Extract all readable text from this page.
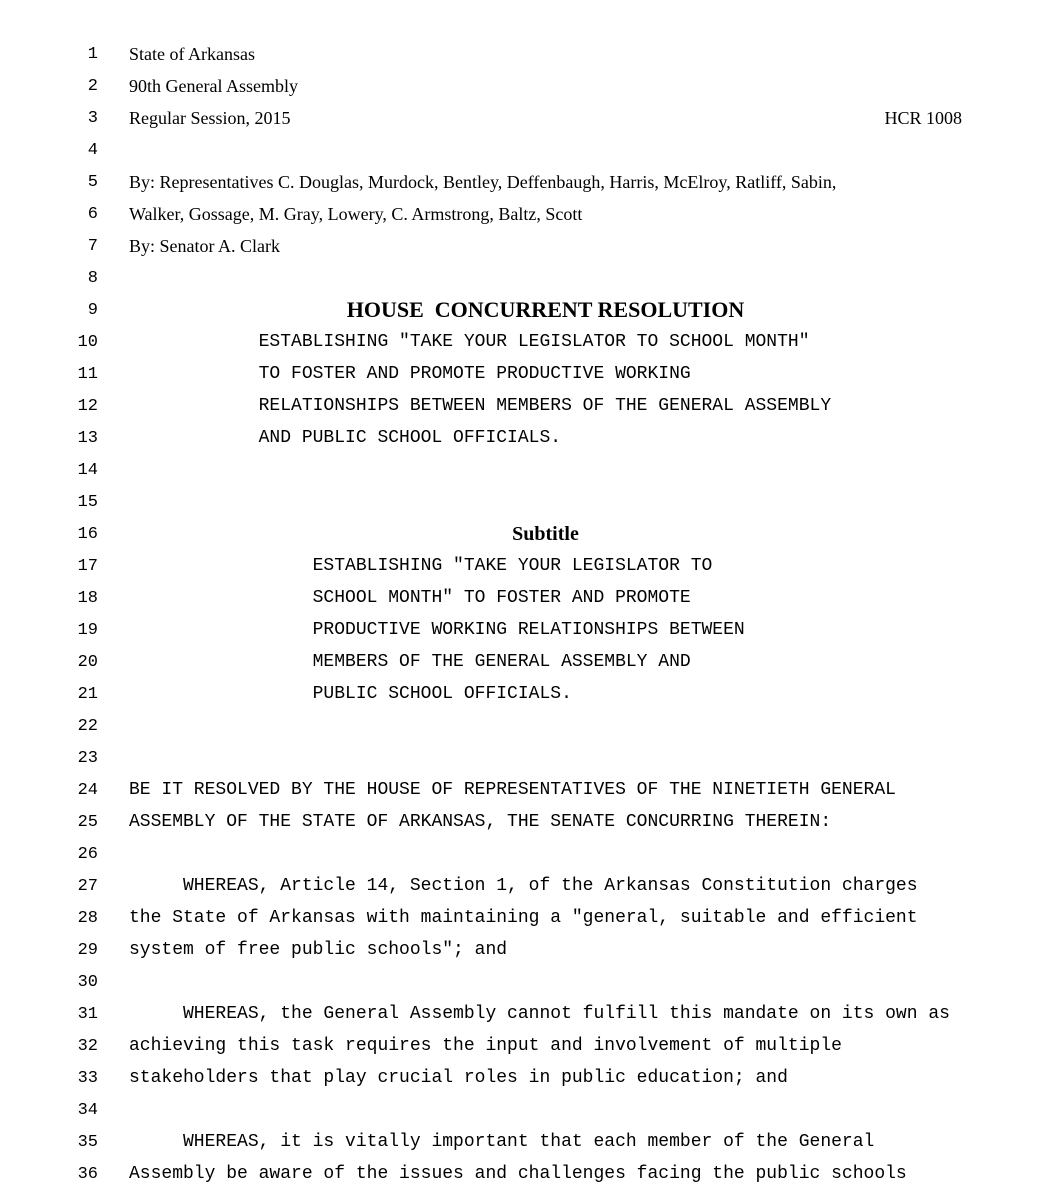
1 State of Arkansas
2 90th General Assembly
3 Regular Session, 2015	HCR 1008
4
5 By: Representatives C. Douglas, Murdock, Bentley, Deffenbaugh, Harris, McElroy, Ratliff, Sabin,
6 Walker, Gossage, M. Gray, Lowery, C. Armstrong, Baltz, Scott
7 By: Senator A. Clark
8
9	HOUSE  CONCURRENT RESOLUTION
10 ESTABLISHING "TAKE YOUR LEGISLATOR TO SCHOOL MONTH"
11 TO FOSTER AND PROMOTE PRODUCTIVE WORKING
12 RELATIONSHIPS BETWEEN MEMBERS OF THE GENERAL ASSEMBLY
13 AND PUBLIC SCHOOL OFFICIALS.
14
15
16	Subtitle
17 ESTABLISHING "TAKE YOUR LEGISLATOR TO
18 SCHOOL MONTH" TO FOSTER AND PROMOTE
19 PRODUCTIVE WORKING RELATIONSHIPS BETWEEN
20 MEMBERS OF THE GENERAL ASSEMBLY AND
21 PUBLIC SCHOOL OFFICIALS.
22
23
24 BE IT RESOLVED BY THE HOUSE OF REPRESENTATIVES OF THE NINETIETH GENERAL
25 ASSEMBLY OF THE STATE OF ARKANSAS, THE SENATE CONCURRING THEREIN:
26
27 WHEREAS, Article 14, Section 1, of the Arkansas Constitution charges
28 the State of Arkansas with maintaining a "general, suitable and efficient
29 system of free public schools"; and
30
31 WHEREAS, the General Assembly cannot fulfill this mandate on its own as
32 achieving this task requires the input and involvement of multiple
33 stakeholders that play crucial roles in public education; and
34
35 WHEREAS, it is vitally important that each member of the General
36 Assembly be aware of the issues and challenges facing the public schools
